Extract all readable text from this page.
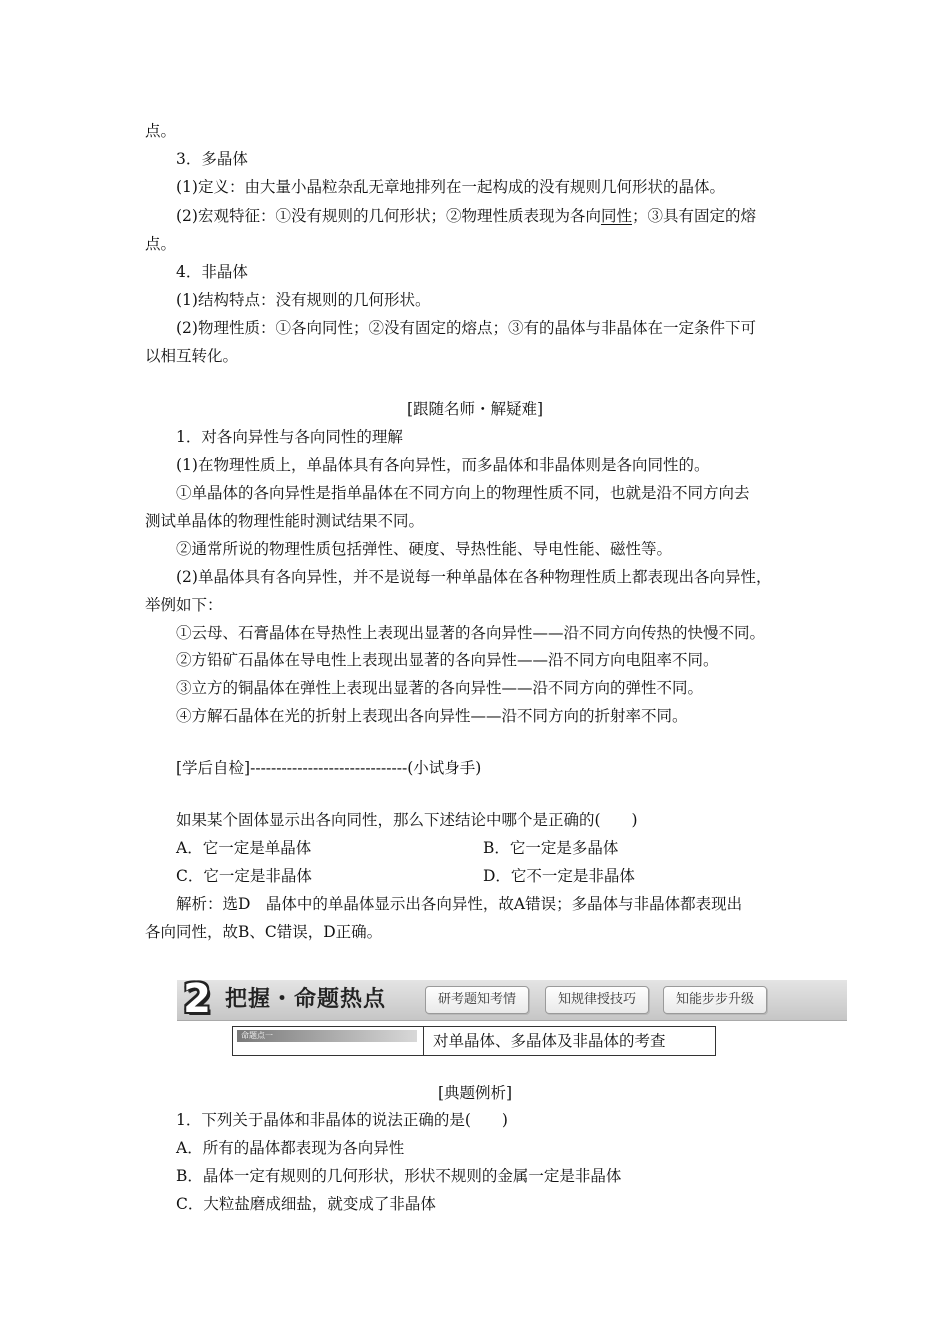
点。

3．多晶体

(1)定义：由大量小晶粒杂乱无章地排列在一起构成的没有规则几何形状的晶体。

(2)宏观特征：①没有规则的几何形状；②物理性质表现为各向同性；③具有固定的熔

点。

4．非晶体

(1)结构特点：没有规则的几何形状。

(2)物理性质：①各向同性；②没有固定的熔点；③有的晶体与非晶体在一定条件下可

以相互转化。

[跟随名师・解疑难]

1．对各向异性与各向同性的理解

(1)在物理性质上，单晶体具有各向异性，而多晶体和非晶体则是各向同性的。

①单晶体的各向异性是指单晶体在不同方向上的物理性质不同，也就是沿不同方向去

测试单晶体的物理性能时测试结果不同。

②通常所说的物理性质包括弹性、硬度、导热性能、导电性能、磁性等。

(2)单晶体具有各向异性，并不是说每一种单晶体在各种物理性质上都表现出各向异性，

举例如下：

①云母、石膏晶体在导热性上表现出显著的各向异性——沿不同方向传热的快慢不同。

②方铅矿石晶体在导电性上表现出显著的各向异性——沿不同方向电阻率不同。

③立方的铜晶体在弹性上表现出显著的各向异性——沿不同方向的弹性不同。

④方解石晶体在光的折射上表现出各向异性——沿不同方向的折射率不同。

[学后自检]------------------------------(小试身手)

如果某个固体显示出各向同性，那么下述结论中哪个是正确的(　　)

A．它一定是单晶体	B．它一定是多晶体

C．它一定是非晶体	D．它不一定是非晶体

解析：选D　晶体中的单晶体显示出各向异性，故A错误；多晶体与非晶体都表现出

各向同性，故B、C错误，D正确。

2 把握・命题热点	研考题知考情	知规律授技巧	知能步步升级
命题点一	对单晶体、多晶体及非晶体的考查

[典题例析]

1．下列关于晶体和非晶体的说法正确的是(　　)

A．所有的晶体都表现为各向异性

B．晶体一定有规则的几何形状，形状不规则的金属一定是非晶体

C．大粒盐磨成细盐，就变成了非晶体
